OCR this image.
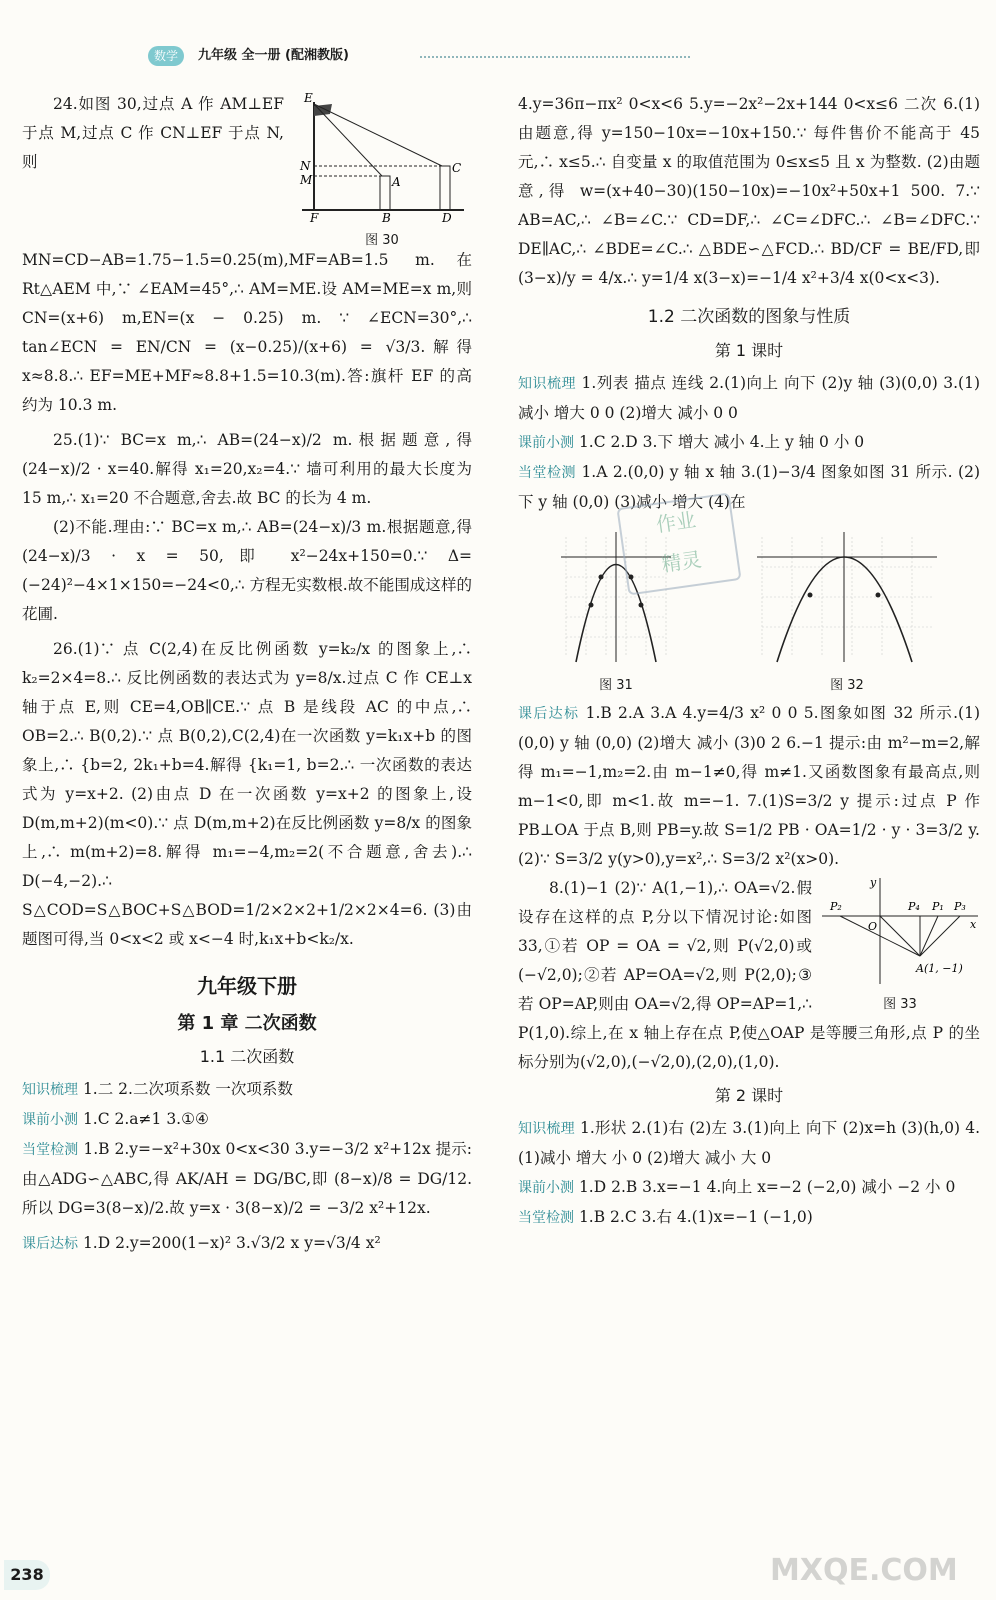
数学	九年级 全一册 (配湘教版)
E
N
M	A
C
F	B	D
图 30

24.如图 30,过点 A 作 AM⊥EF 于点 M,过点 C 作 CN⊥EF 于点 N,则 MN=CD−AB=1.75−1.5=0.25(m),MF=AB=1.5 m.在 Rt△AEM 中,∵ ∠EAM=45°,∴ AM=ME.设 AM=ME=x m,则 CN=(x+6) m,EN=(x − 0.25) m. ∵ ∠ECN=30°,∴ tan∠ECN = EN/CN = (x−0.25)/(x+6) = √3/3.解得 x≈8.8.∴ EF=ME+MF≈8.8+1.5=10.3(m).答:旗杆 EF 的高约为 10.3 m.

25.(1)∵ BC=x m,∴ AB=(24−x)/2 m.根据题意,得 (24−x)/2 · x=40.解得 x₁=20,x₂=4.∵ 墙可利用的最大长度为 15 m,∴ x₁=20 不合题意,舍去.故 BC 的长为 4 m.

(2)不能.理由:∵ BC=x m,∴ AB=(24−x)/3 m.根据题意,得 (24−x)/3 · x = 50,即 x²−24x+150=0.∵ Δ=(−24)²−4×1×150=−24<0,∴ 方程无实数根.故不能围成这样的花圃.

26.(1)∵ 点 C(2,4)在反比例函数 y=k₂/x 的图象上,∴ k₂=2×4=8.∴ 反比例函数的表达式为 y=8/x.过点 C 作 CE⊥x 轴于点 E,则 CE=4,OB∥CE.∵ 点 B 是线段 AC 的中点,∴ OB=2.∴ B(0,2).∵ 点 B(0,2),C(2,4)在一次函数 y=k₁x+b 的图象上,∴ {b=2, 2k₁+b=4.解得 {k₁=1, b=2.∴ 一次函数的表达式为 y=x+2. (2)由点 D 在一次函数 y=x+2 的图象上,设 D(m,m+2)(m<0).∵ 点 D(m,m+2)在反比例函数 y=8/x 的图象上,∴ m(m+2)=8.解得 m₁=−4,m₂=2(不合题意,舍去).∴ D(−4,−2).∴ S△COD=S△BOC+S△BOD=1/2×2×2+1/2×2×4=6. (3)由题图可得,当 0<x<2 或 x<−4 时,k₁x+b<k₂/x.

九年级下册
第 1 章 二次函数
1.1 二次函数

知识梳理 1.二 2.二次项系数 一次项系数

课前小测 1.C 2.a≠1 3.①④

当堂检测 1.B 2.y=−x²+30x 0<x<30 3.y=−3/2 x²+12x 提示:由△ADG∽△ABC,得 AK/AH = DG/BC,即 (8−x)/8 = DG/12.所以 DG=3(8−x)/2.故 y=x · 3(8−x)/2 = −3/2 x²+12x.

课后达标 1.D 2.y=200(1−x)² 3.√3/2 x y=√3/4 x²

4.y=36π−πx² 0<x<6 5.y=−2x²−2x+144 0<x≤6 二次 6.(1)由题意,得 y=150−10x=−10x+150.∵ 每件售价不能高于 45 元,∴ x≤5.∴ 自变量 x 的取值范围为 0≤x≤5 且 x 为整数. (2)由题意,得 w=(x+40−30)(150−10x)=−10x²+50x+1 500. 7.∵ AB=AC,∴ ∠B=∠C.∵ CD=DF,∴ ∠C=∠DFC.∴ ∠B=∠DFC.∵ DE∥AC,∴ ∠BDE=∠C.∴ △BDE∽△FCD.∴ BD/CF = BE/FD,即 (3−x)/y = 4/x.∴ y=1/4 x(3−x)=−1/4 x²+3/4 x(0<x<3).

1.2 二次函数的图象与性质
第 1 课时

知识梳理 1.列表 描点 连线 2.(1)向上 向下 (2)y 轴 (3)(0,0) 3.(1)减小 增大 0 0 (2)增大 减小 0 0

课前小测 1.C 2.D 3.下 增大 减小 4.上 y 轴 0 小 0

当堂检测 1.A 2.(0,0) y 轴 x 轴 3.(1)−3/4 图象如图 31 所示. (2)下 y 轴 (0,0) (3)减小 增大 (4)在

图 31	图 32

课后达标 1.B 2.A 3.A 4.y=4/3 x² 0 0 5.图象如图 32 所示.(1)(0,0) y 轴 (0,0) (2)增大 减小 (3)0 2 6.−1 提示:由 m²−m=2,解得 m₁=−1,m₂=2.由 m−1≠0,得 m≠1.又函数图象有最高点,则 m−1<0,即 m<1.故 m=−1. 7.(1)S=3/2 y 提示:过点 P 作 PB⊥OA 于点 B,则 PB=y.故 S=1/2 PB · OA=1/2 · y · 3=3/2 y. (2)∵ S=3/2 y(y>0),y=x²,∴ S=3/2 x²(x>0).

P₂
O
P₄ P₁ P₃
A(1, −1)
x
y
图 33

8.(1)−1 (2)∵ A(1,−1),∴ OA=√2.假设存在这样的点 P,分以下情况讨论:如图 33,①若 OP = OA = √2,则 P(√2,0)或(−√2,0);②若 AP=OA=√2,则 P(2,0);③若 OP=AP,则由 OA=√2,得 OP=AP=1,∴ P(1,0).综上,在 x 轴上存在点 P,使△OAP 是等腰三角形,点 P 的坐标分别为(√2,0),(−√2,0),(2,0),(1,0).

第 2 课时

知识梳理 1.形状 2.(1)右 (2)左 3.(1)向上 向下 (2)x=h (3)(h,0) 4.(1)减小 增大 小 0 (2)增大 减小 大 0

课前小测 1.D 2.B 3.x=−1 4.向上 x=−2 (−2,0) 减小 −2 小 0

当堂检测 1.B 2.C 3.右 4.(1)x=−1 (−1,0)

作业
精灵
238	MXQE.COM
